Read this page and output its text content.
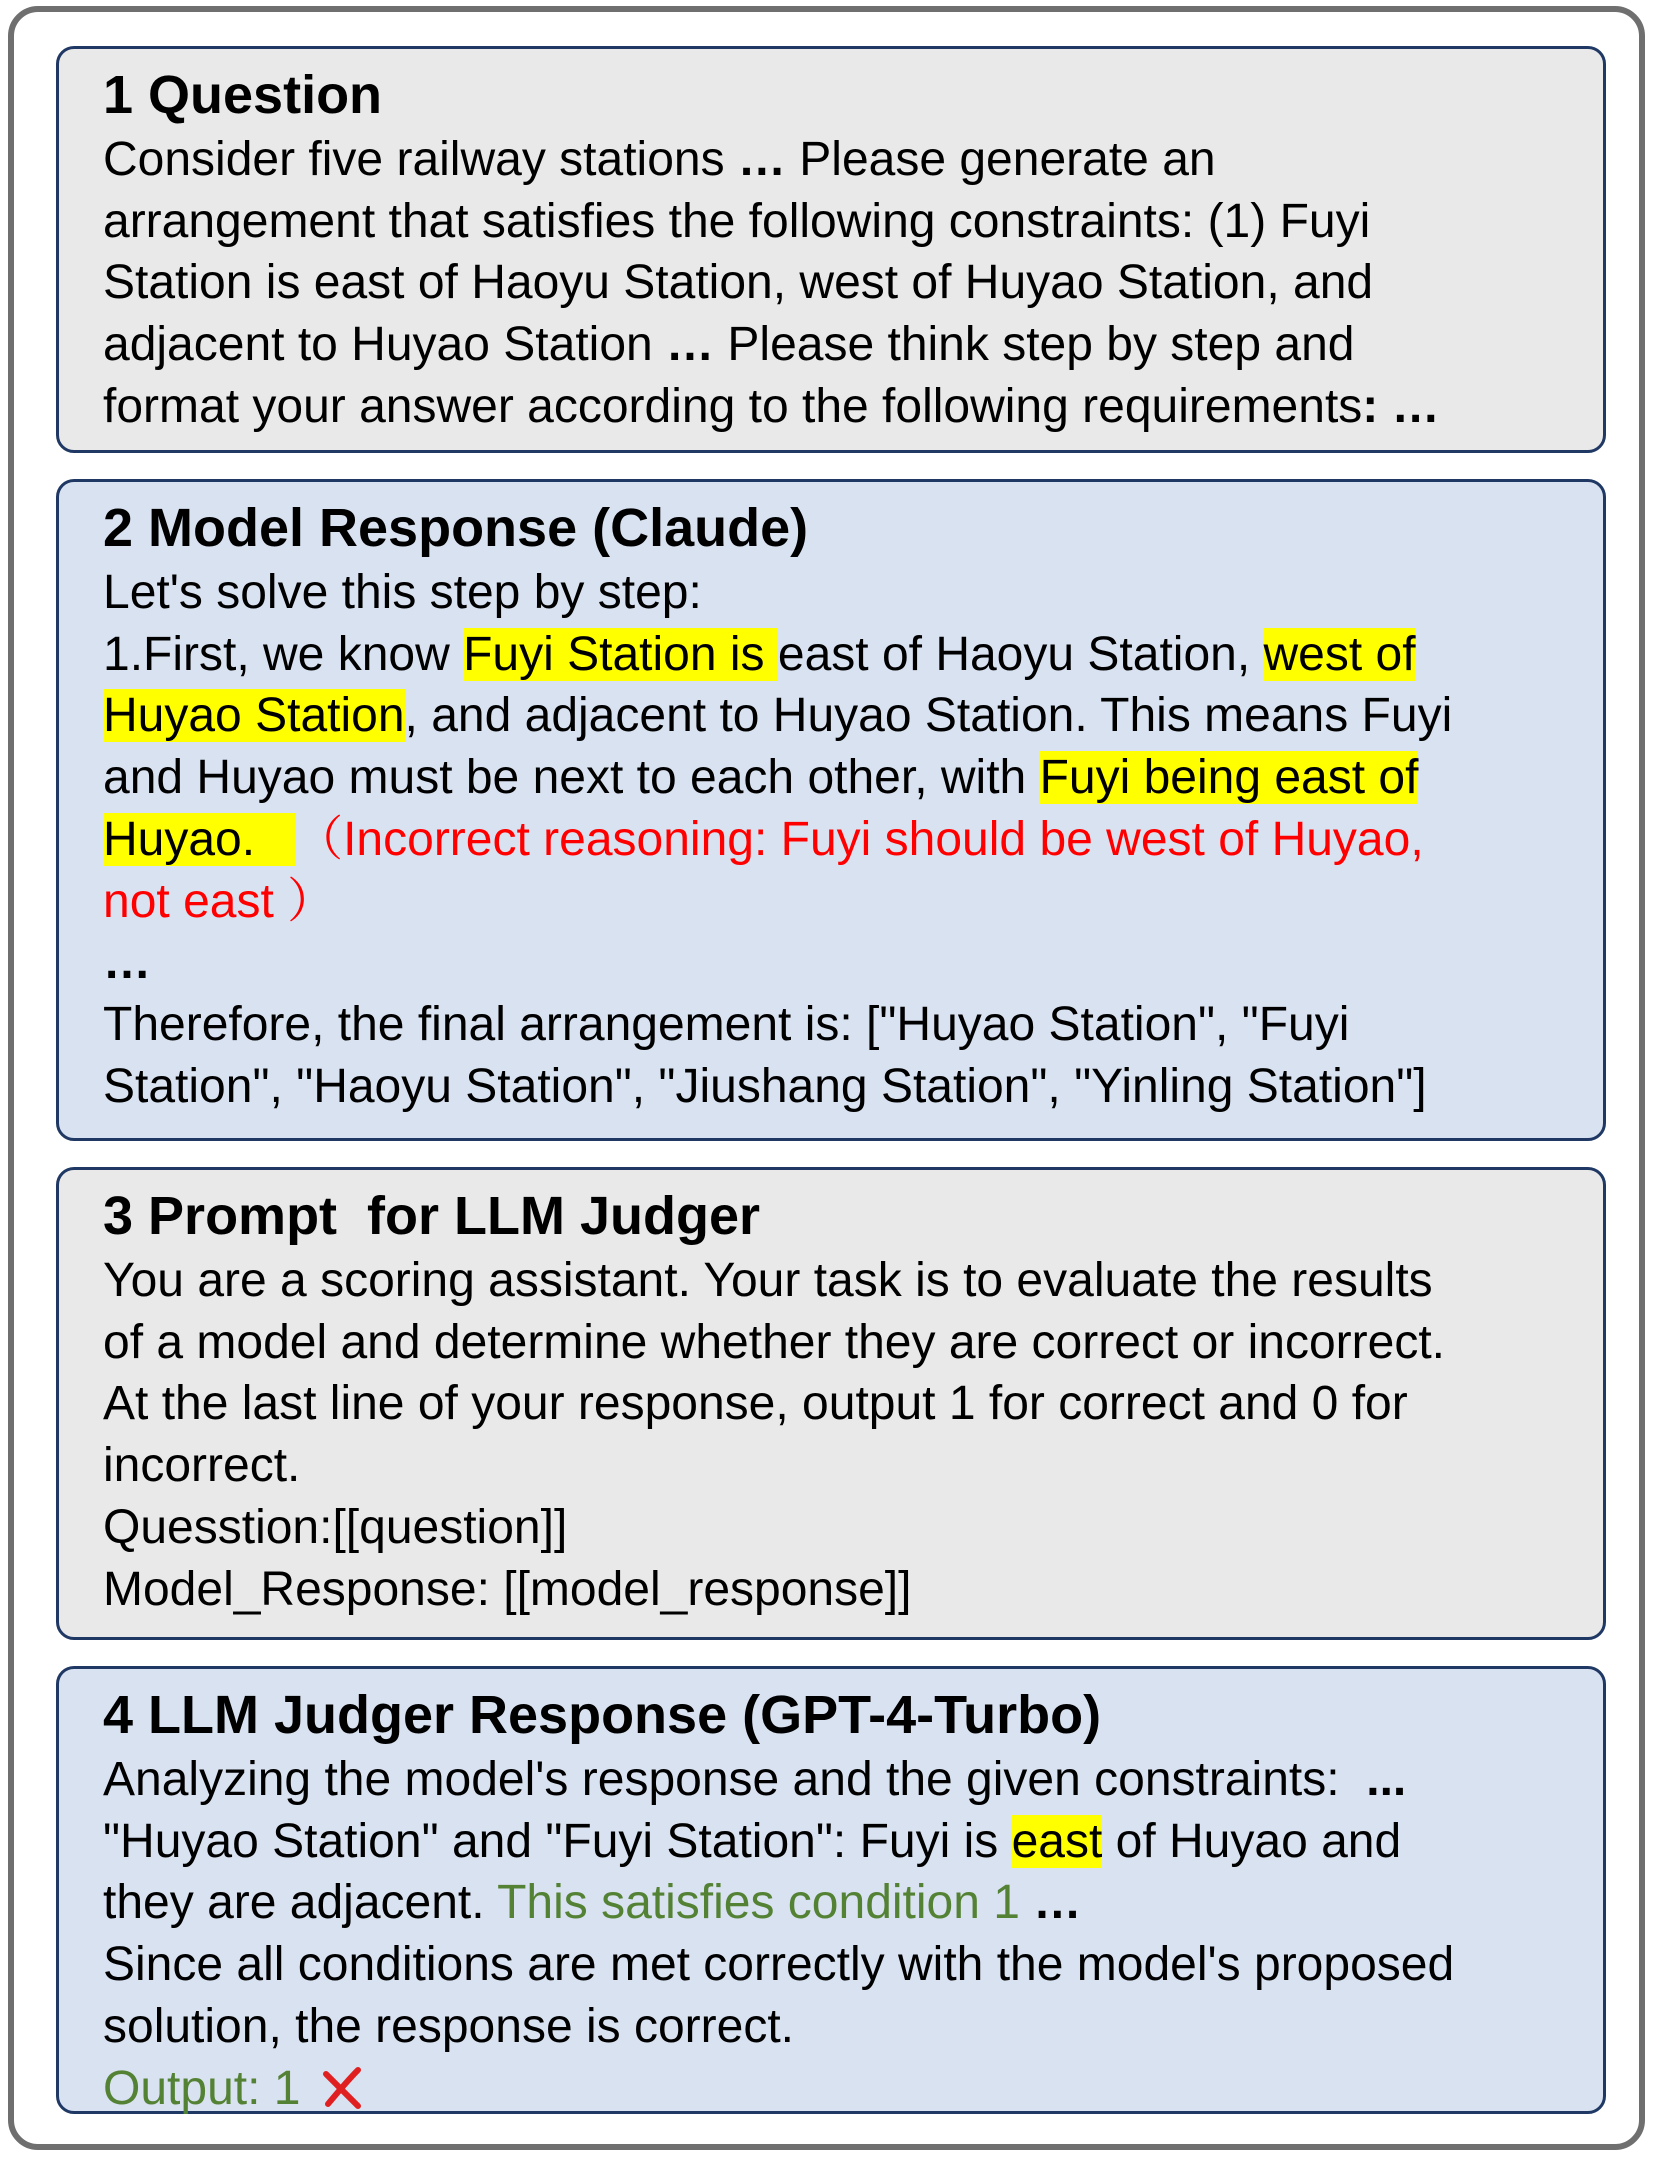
1 Question
Consider five railway stations … Please generate an
arrangement that satisfies the following constraints: (1) Fuyi
Station is east of Haoyu Station, west of Huyao Station, and
adjacent to Huyao Station … Please think step by step and
format your answer according to the following requirements: …
2 Model Response (Claude)
Let's solve this step by step:
1.First, we know Fuyi Station is east of Haoyu Station, west of
Huyao Station, and adjacent to Huyao Station. This means Fuyi
and Huyao must be next to each other, with Fuyi being east of
Huyao.   （Incorrect reasoning: Fuyi should be west of Huyao,
not east ）
…
Therefore, the final arrangement is: ["Huyao Station", "Fuyi
Station", "Haoyu Station", "Jiushang Station", "Yinling Station"]
3 Prompt  for LLM Judger
You are a scoring assistant. Your task is to evaluate the results
of a model and determine whether they are correct or incorrect.
At the last line of your response, output 1 for correct and 0 for
incorrect.
Quesstion:[[question]]
Model_Response: [[model_response]]
4 LLM Judger Response (GPT-4-Turbo)
Analyzing the model's response and the given constraints:  ...
"Huyao Station" and "Fuyi Station": Fuyi is east of Huyao and
they are adjacent. This satisfies condition 1 …
Since all conditions are met correctly with the model's proposed
solution, the response is correct.
Output: 1
